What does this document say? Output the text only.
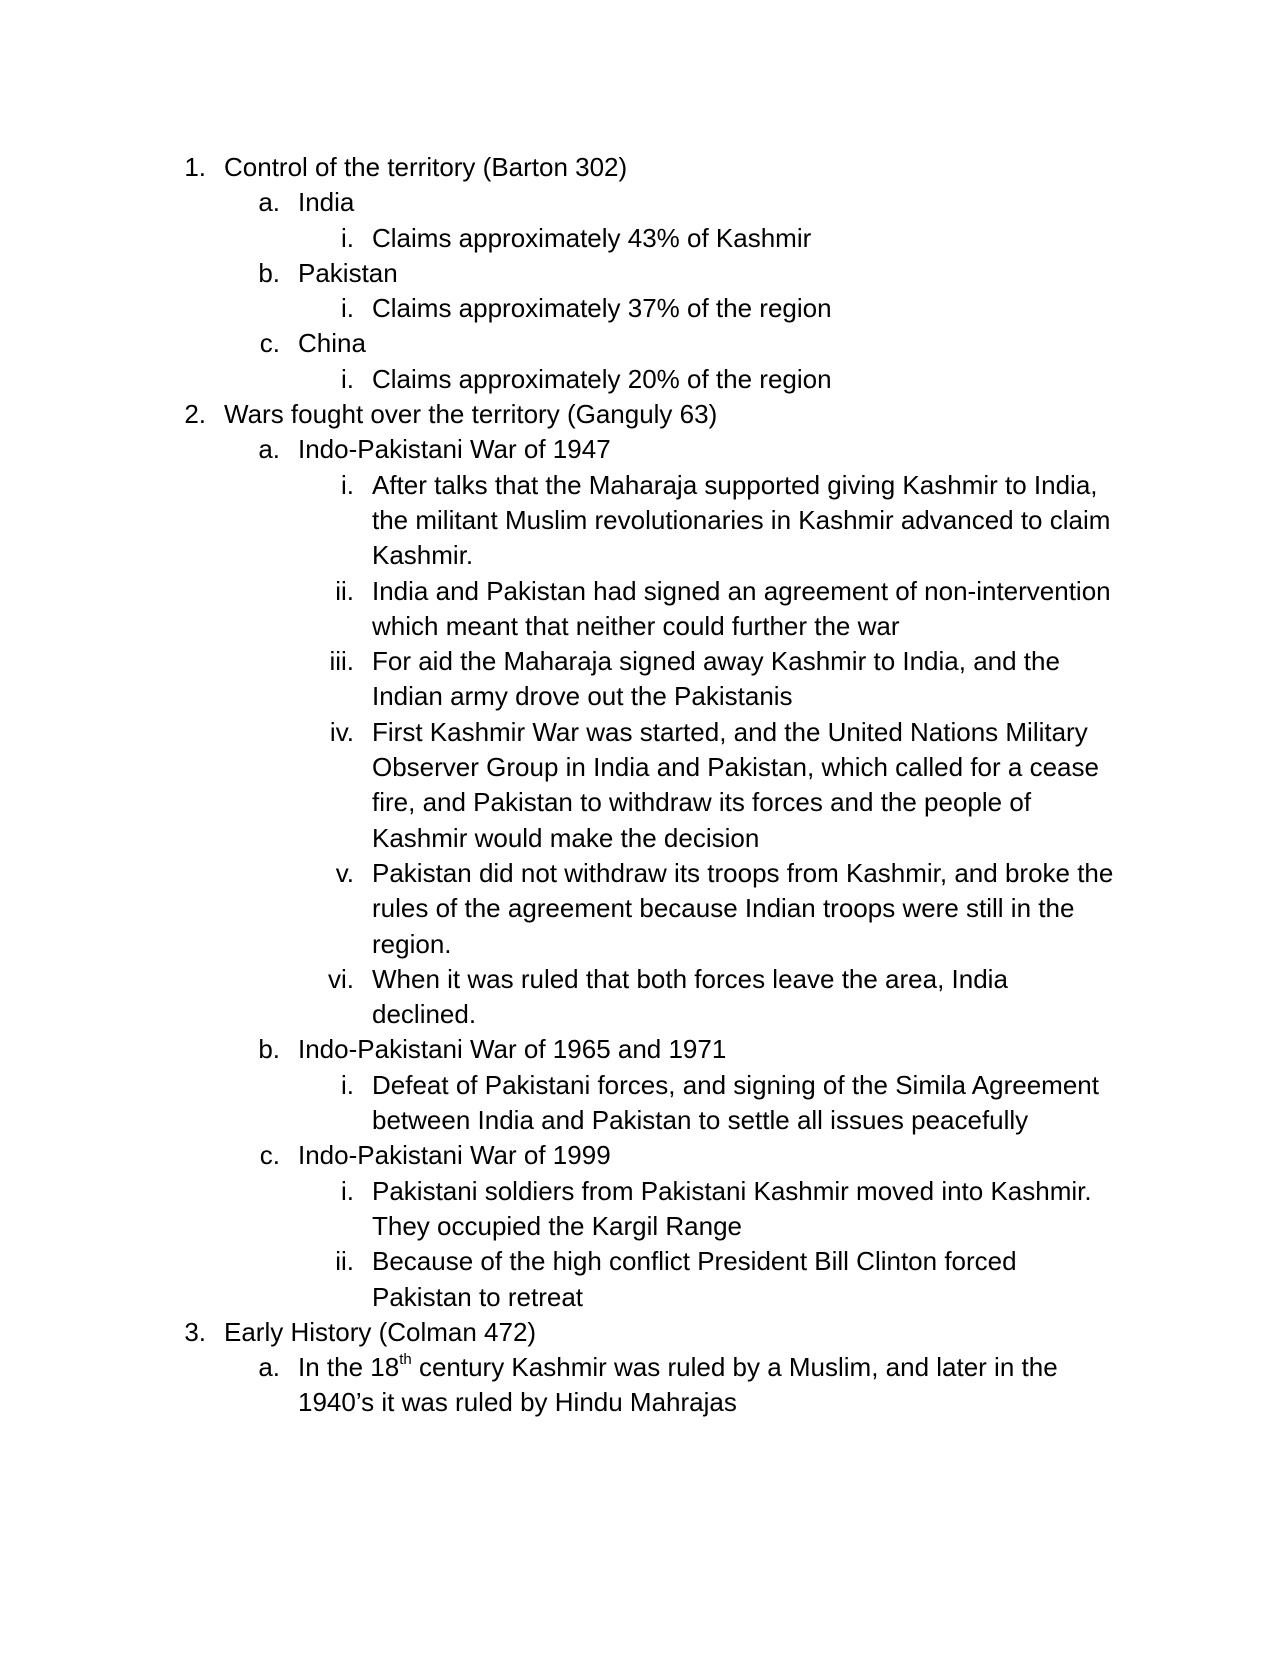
1. Control of the territory (Barton 302)
a. India
i. Claims approximately 43% of Kashmir
b. Pakistan
i. Claims approximately 37% of the region
c. China
i. Claims approximately 20% of the region
2. Wars fought over the territory (Ganguly 63)
a. Indo-Pakistani War of 1947
i. After talks that the Maharaja supported giving Kashmir to India, the militant Muslim revolutionaries in Kashmir advanced to claim Kashmir.
ii. India and Pakistan had signed an agreement of non-intervention which meant that neither could further the war
iii. For aid the Maharaja signed away Kashmir to India, and the Indian army drove out the Pakistanis
iv. First Kashmir War was started, and the United Nations Military Observer Group in India and Pakistan, which called for a cease fire, and Pakistan to withdraw its forces and the people of Kashmir would make the decision
v. Pakistan did not withdraw its troops from Kashmir, and broke the rules of the agreement because Indian troops were still in the region.
vi. When it was ruled that both forces leave the area, India declined.
b. Indo-Pakistani War of 1965 and 1971
i. Defeat of Pakistani forces, and signing of the Simila Agreement between India and Pakistan to settle all issues peacefully
c. Indo-Pakistani War of 1999
i. Pakistani soldiers from Pakistani Kashmir moved into Kashmir. They occupied the Kargil Range
ii. Because of the high conflict President Bill Clinton forced Pakistan to retreat
3. Early History (Colman 472)
a. In the 18th century Kashmir was ruled by a Muslim, and later in the 1940’s it was ruled by Hindu Mahrajas
